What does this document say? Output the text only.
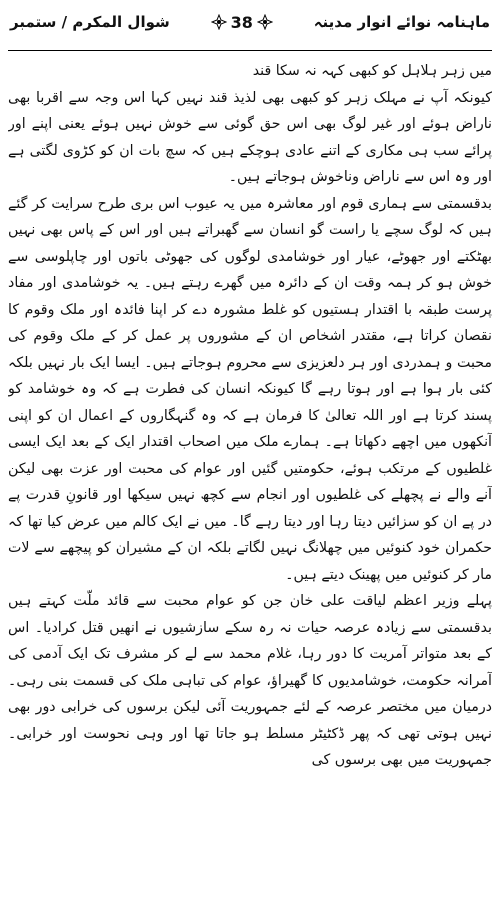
ماہنامہ نوائے انوار مدینہ
38
شوال المکرم / ستمبر

میں زہر ہلاہل کو کبھی کہہ نہ سکا قند

کیونکہ آپ نے مہلک زہر کو کبھی بھی لذیذ قند نہیں کہا اس وجہ سے اقربا بھی ناراض ہوئے اور غیر لوگ بھی اس حق گوئی سے خوش نہیں ہوئے یعنی اپنے اور پرائے سب ہی مکاری کے اتنے عادی ہوچکے ہیں کہ سچ بات ان کو کڑوی لگتی ہے اور وہ اس سے ناراض وناخوش ہوجاتے ہیں۔

بدقسمتی سے ہماری قوم اور معاشرہ میں یہ عیوب اس بری طرح سرایت کر گئے ہیں کہ لوگ سچے یا راست گو انسان سے گھبراتے ہیں اور اس کے پاس بھی نہیں بھٹکتے اور جھوٹے، عیار اور خوشامدی لوگوں کی جھوٹی باتوں اور چاپلوسی سے خوش ہو کر ہمہ وقت ان کے دائرہ میں گھرے رہتے ہیں۔ یہ خوشامدی اور مفاد پرست طبقہ با اقتدار ہستیوں کو غلط مشورہ دے کر اپنا فائدہ اور ملک وقوم کا نقصان کراتا ہے، مقتدر اشخاص ان کے مشوروں پر عمل کر کے ملک وقوم کی محبت و ہمدردی اور ہر دلعزیزی سے محروم ہوجاتے ہیں۔ ایسا ایک بار نہیں بلکہ کئی بار ہوا ہے اور ہوتا رہے گا کیونکہ انسان کی فطرت ہے کہ وہ خوشامد کو پسند کرتا ہے اور اللہ تعالیٰ کا فرمان ہے کہ وہ گنہگاروں کے اعمال ان کو اپنی آنکھوں میں اچھے دکھاتا ہے۔ ہمارے ملک میں اصحاب اقتدار ایک کے بعد ایک ایسی غلطیوں کے مرتکب ہوئے، حکومتیں گئیں اور عوام کی محبت اور عزت بھی لیکن آنے والے نے پچھلے کی غلطیوں اور انجام سے کچھ نہیں سیکھا اور قانونِ قدرت پے در پے ان کو سزائیں دیتا رہا اور دیتا رہے گا۔ میں نے ایک کالم میں عرض کیا تھا کہ حکمران خود کنوئیں میں چھلانگ نہیں لگاتے بلکہ ان کے مشیران کو پیچھے سے لات مار کر کنوئیں میں پھینک دیتے ہیں۔

پہلے وزیر اعظم لیاقت علی خان جن کو عوام محبت سے قائد ملّت کہتے ہیں بدقسمتی سے زیادہ عرصہ حیات نہ رہ سکے سازشیوں نے انھیں قتل کرادیا۔ اس کے بعد متواتر آمریت کا دور رہا، غلام محمد سے لے کر مشرف تک ایک آدمی کی آمرانہ حکومت، خوشامدیوں کا گھیراؤ، عوام کی تباہی ملک کی قسمت بنی رہی۔ درمیان میں مختصر عرصہ کے لئے جمہوریت آئی لیکن برسوں کی خرابی دور بھی نہیں ہوتی تھی کہ پھر ڈکٹیٹر مسلط ہو جاتا تھا اور وہی نحوست اور خرابی۔ جمہوریت میں بھی برسوں کی
